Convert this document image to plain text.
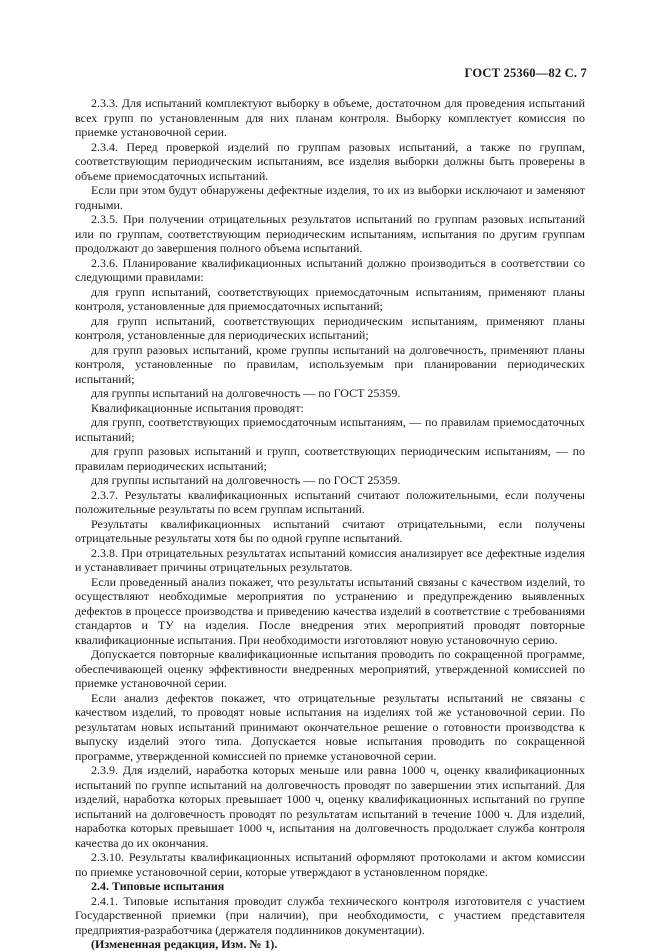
ГОСТ 25360—82 С. 7

2.3.3. Для испытаний комплектуют выборку в объеме, достаточном для проведения испытаний всех групп по установленным для них планам контроля. Выборку комплектует комиссия по приемке установочной серии.

2.3.4. Перед проверкой изделий по группам разовых испытаний, а также по группам, соответствующим периодическим испытаниям, все изделия выборки должны быть проверены в объеме приемосдаточных испытаний.

Если при этом будут обнаружены дефектные изделия, то их из выборки исключают и заменяют годными.

2.3.5. При получении отрицательных результатов испытаний по группам разовых испытаний или по группам, соответствующим периодическим испытаниям, испытания по другим группам продолжают до завершения полного объема испытаний.

2.3.6. Планирование квалификационных испытаний должно производиться в соответствии со следующими правилами:

для групп испытаний, соответствующих приемосдаточным испытаниям, применяют планы контроля, установленные для приемосдаточных испытаний;

для групп испытаний, соответствующих периодическим испытаниям, применяют планы контроля, установленные для периодических испытаний;

для групп разовых испытаний, кроме группы испытаний на долговечность, применяют планы контроля, установленные по правилам, используемым при планировании периодических испытаний;

для группы испытаний на долговечность — по ГОСТ 25359.

Квалификационные испытания проводят:

для групп, соответствующих приемосдаточным испытаниям, — по правилам приемосдаточных испытаний;

для групп разовых испытаний и групп, соответствующих периодическим испытаниям, — по правилам периодических испытаний;

для группы испытаний на долговечность — по ГОСТ 25359.

2.3.7. Результаты квалификационных испытаний считают положительными, если получены положительные результаты по всем группам испытаний.

Результаты квалификационных испытаний считают отрицательными, если получены отрицательные результаты хотя бы по одной группе испытаний.

2.3.8. При отрицательных результатах испытаний комиссия анализирует все дефектные изделия и устанавливает причины отрицательных результатов.

Если проведенный анализ покажет, что результаты испытаний связаны с качеством изделий, то осуществляют необходимые мероприятия по устранению и предупреждению выявленных дефектов в процессе производства и приведению качества изделий в соответствие с требованиями стандартов и ТУ на изделия. После внедрения этих мероприятий проводят повторные квалификационные испытания. При необходимости изготовляют новую установочную серию.

Допускается повторные квалификационные испытания проводить по сокращенной программе, обеспечивающей оценку эффективности внедренных мероприятий, утвержденной комиссией по приемке установочной серии.

Если анализ дефектов покажет, что отрицательные результаты испытаний не связаны с качеством изделий, то проводят новые испытания на изделиях той же установочной серии. По результатам новых испытаний принимают окончательное решение о готовности производства к выпуску изделий этого типа. Допускается новые испытания проводить по сокращенной программе, утвержденной комиссией по приемке установочной серии.

2.3.9. Для изделий, наработка которых меньше или равна 1000 ч, оценку квалификационных испытаний по группе испытаний на долговечность проводят по завершении этих испытаний. Для изделий, наработка которых превышает 1000 ч, оценку квалификационных испытаний по группе испытаний на долговечность проводят по результатам испытаний в течение 1000 ч. Для изделий, наработка которых превышает 1000 ч, испытания на долговечность продолжает служба контроля качества до их окончания.

2.3.10. Результаты квалификационных испытаний оформляют протоколами и актом комиссии по приемке установочной серии, которые утверждают в установленном порядке.

2.4. Типовые испытания

2.4.1. Типовые испытания проводит служба технического контроля изготовителя с участием Государственной приемки (при наличии), при необходимости, с участием представителя предприятия-разработчика (держателя подлинников документации).

(Измененная редакция, Изм. № 1).
